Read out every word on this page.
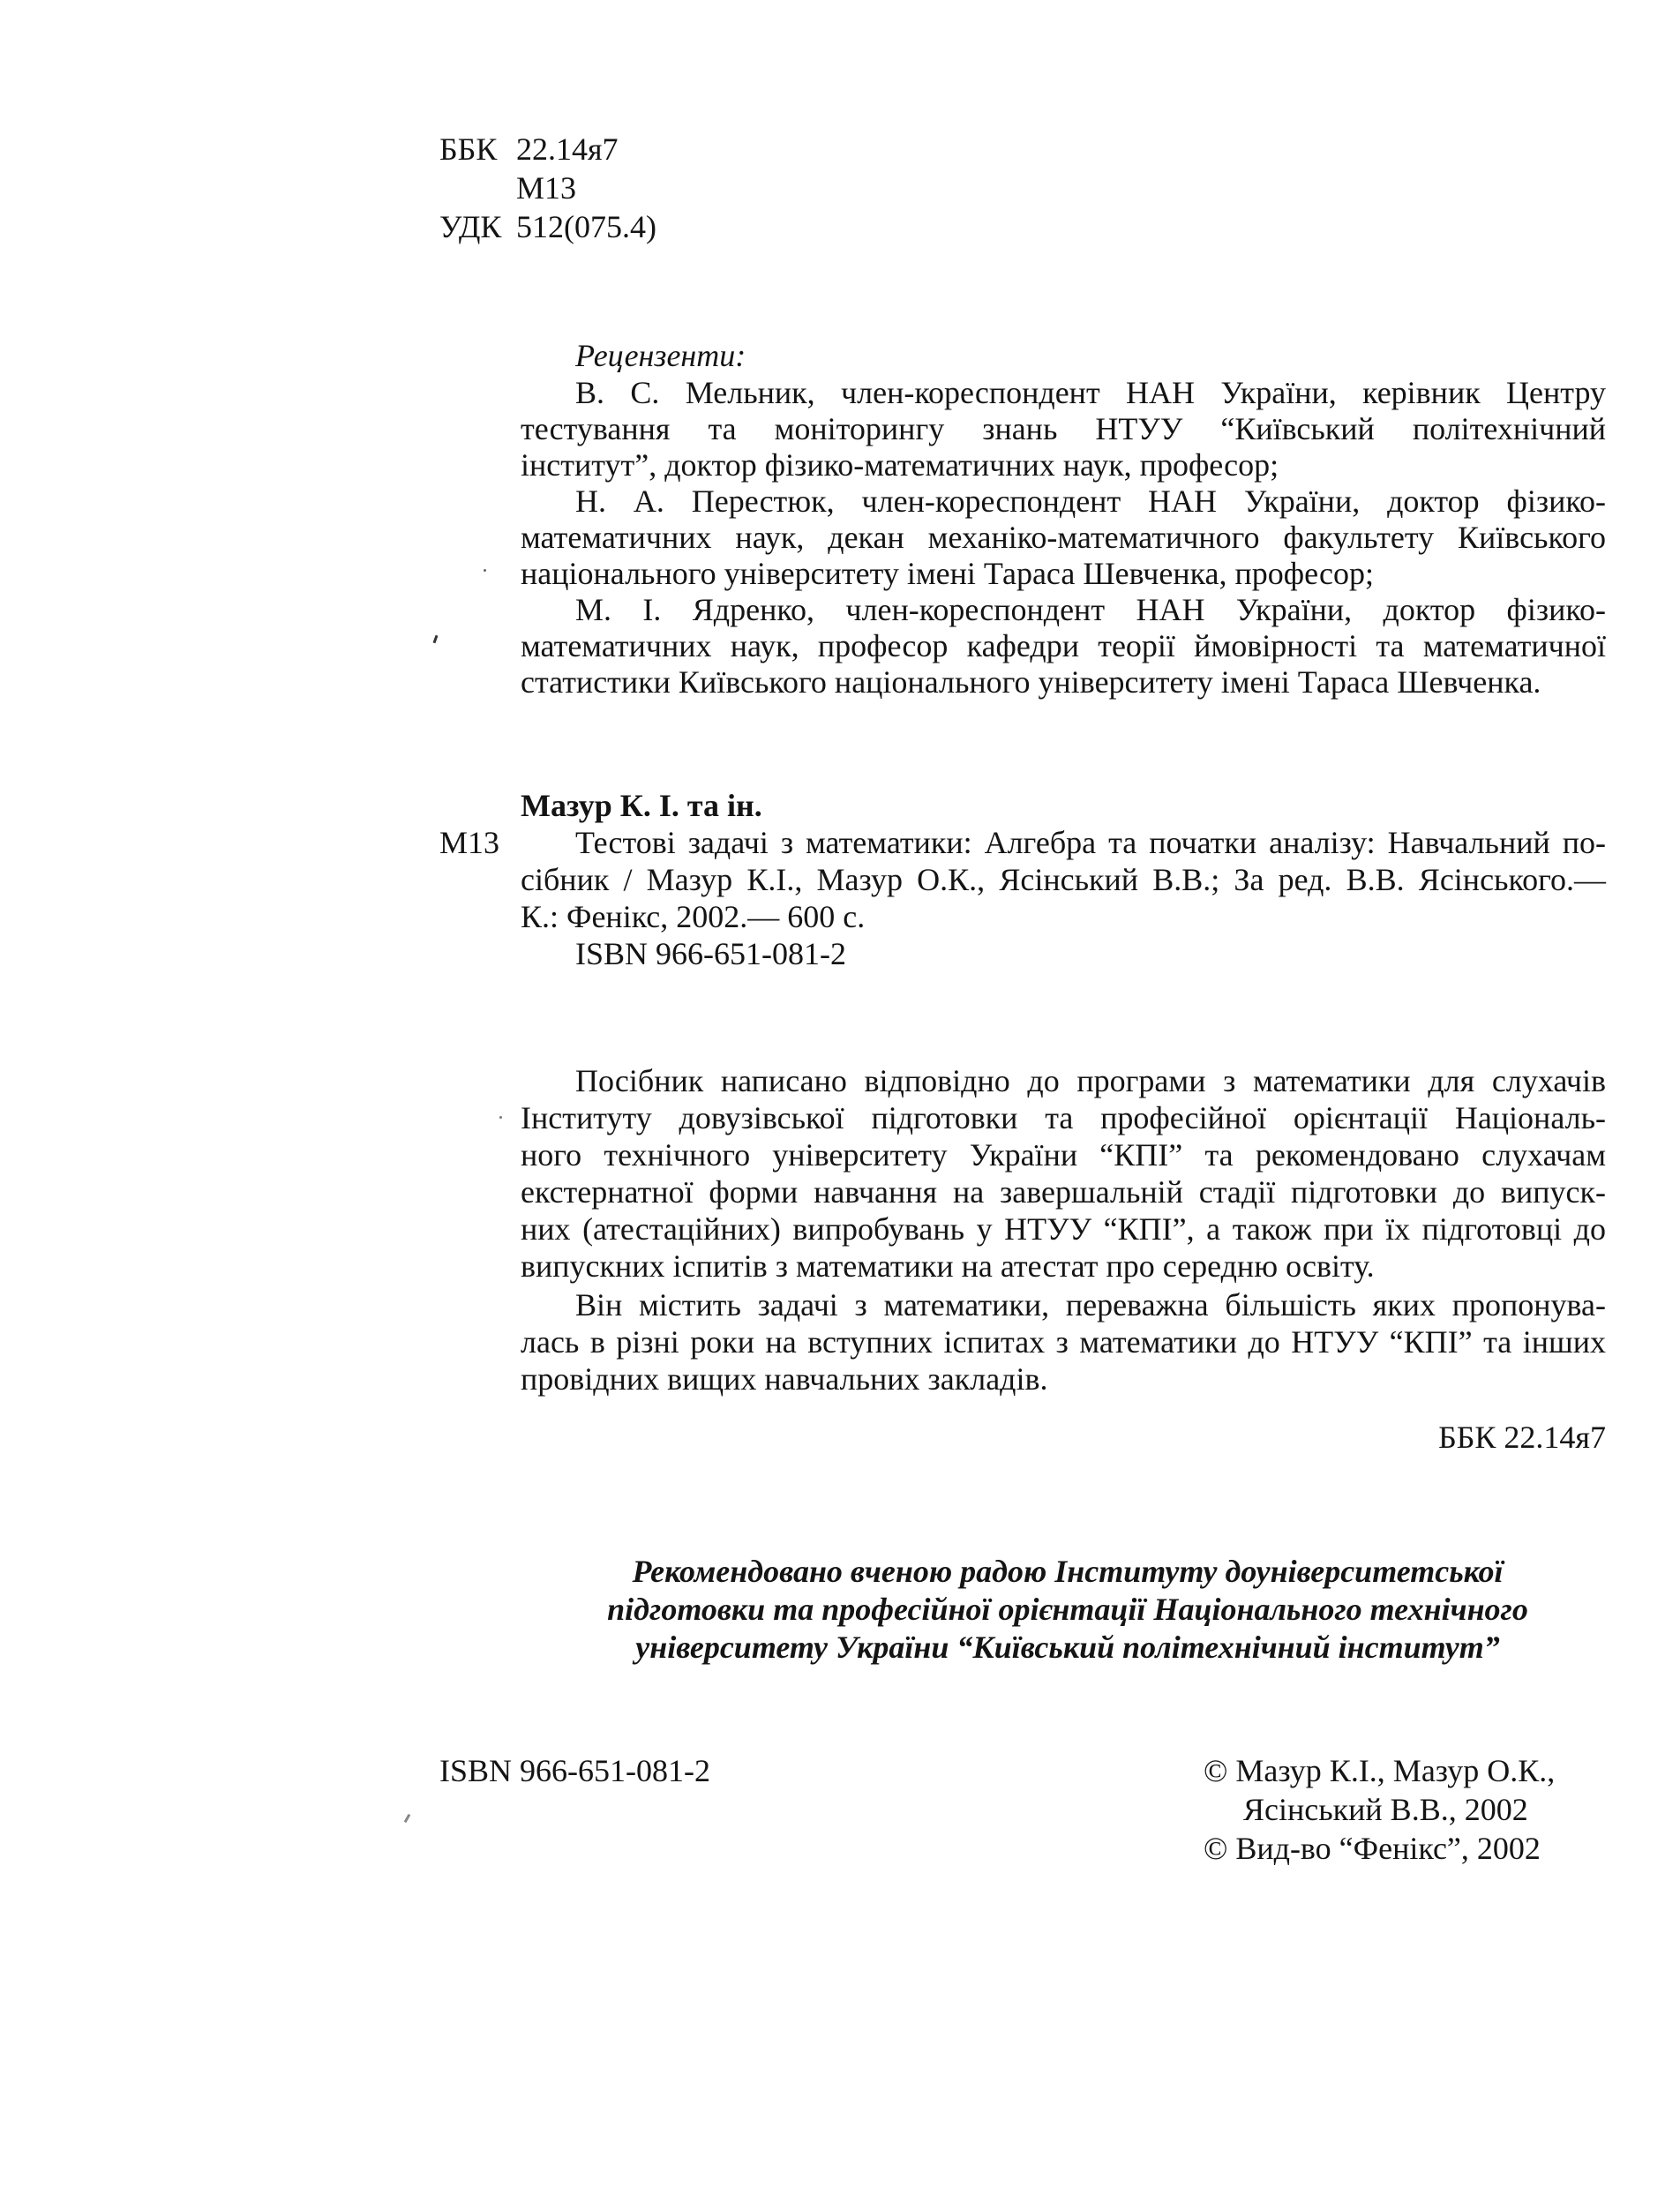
ББК 22.14я7
М13
УДК 512(075.4)
Рецензенти:
В. С. Мельник, член-кореспондент НАН України, керівник Центру
тестування та моніторингу знань НТУУ “Київський політехнічний
інститут”, доктор фізико-математичних наук, професор;
Н. А. Перестюк, член-кореспондент НАН України, доктор фізико-
математичних наук, декан механіко-математичного факультету Київського
національного університету імені Тараса Шевченка, професор;
М. І. Ядренко, член-кореспондент НАН України, доктор фізико-
математичних наук, професор кафедри теорії ймовірності та математичної
статистики Київського національного університету імені Тараса Шевченка.
Мазур К. І. та ін.
М13 Тестові задачі з математики: Алгебра та початки аналізу: Навчальний по-
сібник / Мазур К.І., Мазур О.К., Ясінський В.В.; За ред. В.В. Ясінського.—
К.: Фенікс, 2002.— 600 с.
ISBN 966-651-081-2
Посібник написано відповідно до програми з математики для слухачів
Інституту довузівської підготовки та професійної орієнтації Національ-
ного технічного університету України “КПІ” та рекомендовано слухачам
екстернатної форми навчання на завершальній стадії підготовки до випуск-
них (атестаційних) випробувань у НТУУ “КПІ”, а також при їх підготовці до
випускних іспитів з математики на атестат про середню освіту.
Він містить задачі з математики, переважна більшість яких пропонува-
лась в різні роки на вступних іспитах з математики до НТУУ “КПІ” та інших
провідних вищих навчальних закладів.
ББК 22.14я7
Рекомендовано вченою радою Інституту доуніверситетської
підготовки та професійної орієнтації Національного технічного
університету України “Київський політехнічний інститут”
ISBN 966-651-081-2	© Мазур К.І., Мазур О.К.,
Ясінський В.В., 2002
© Вид-во “Фенікс”, 2002
